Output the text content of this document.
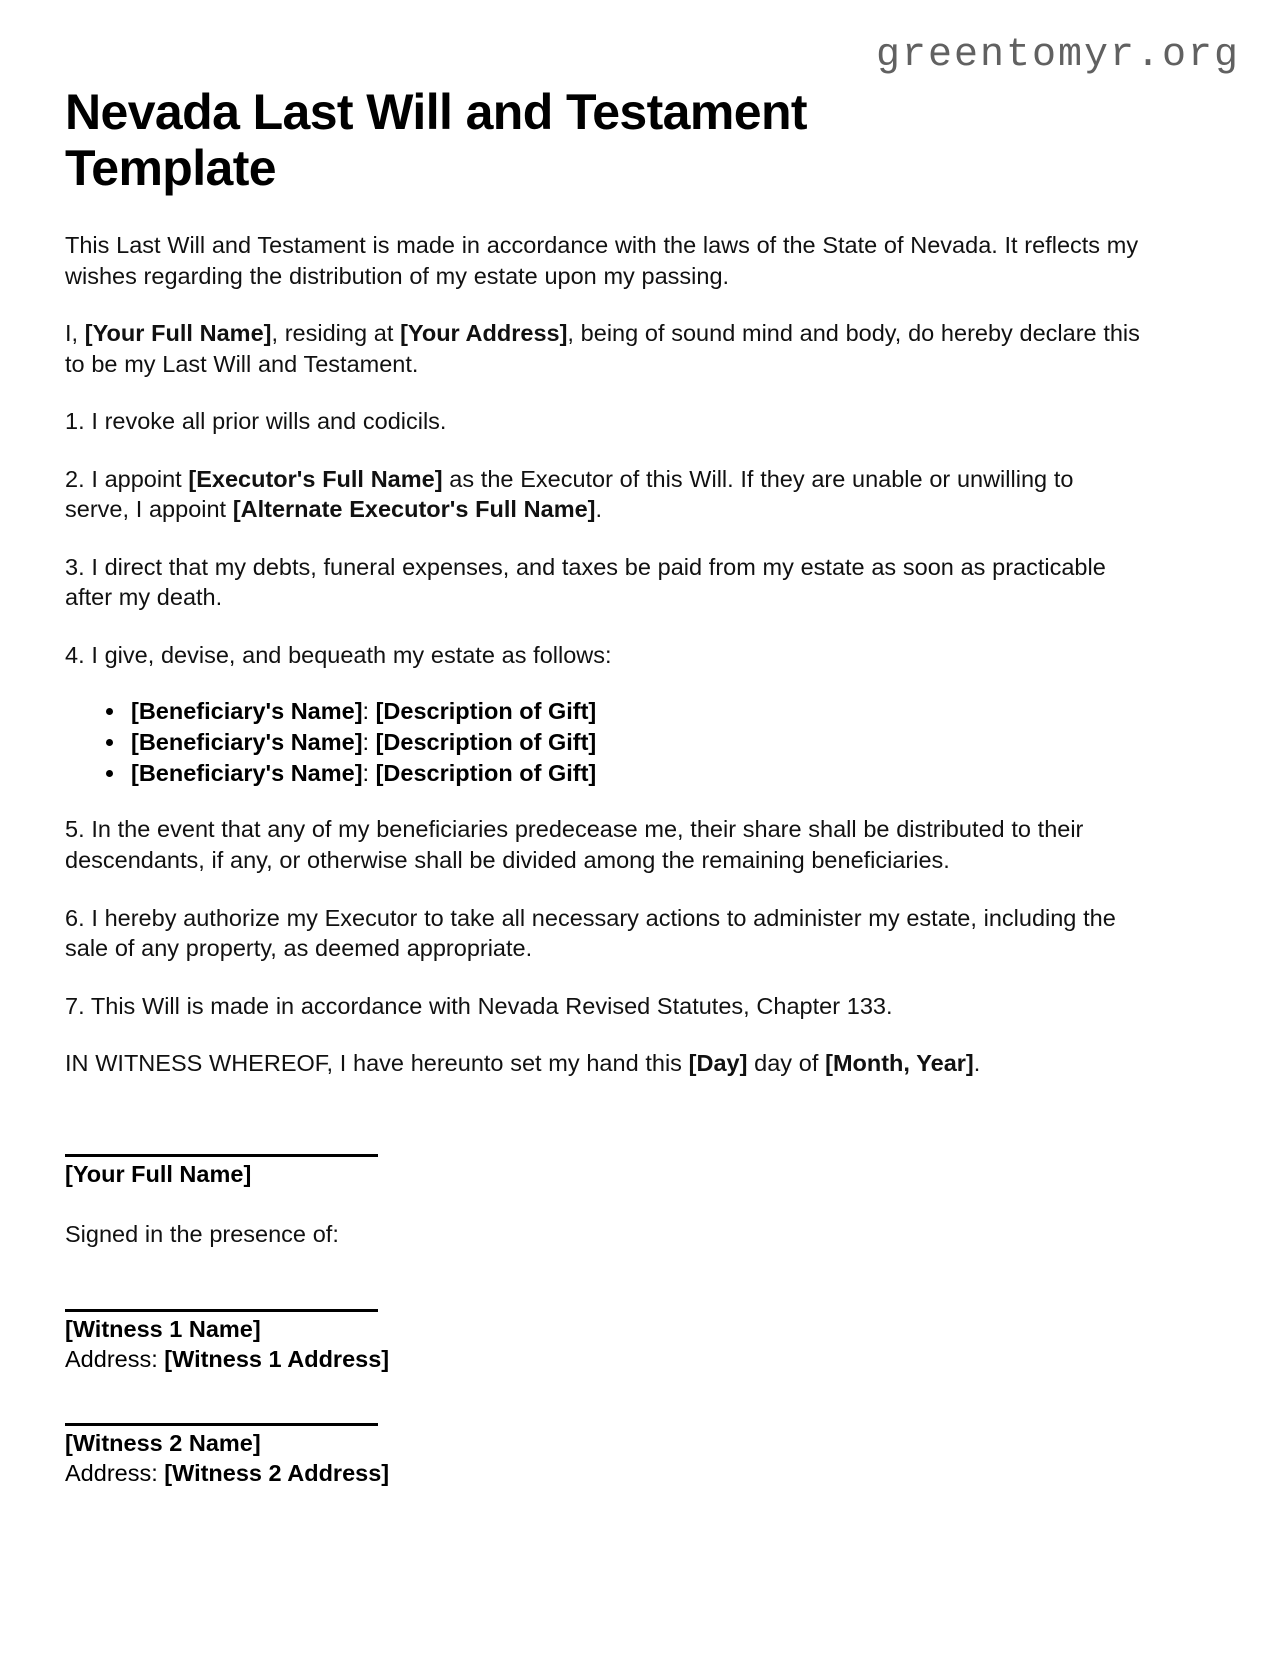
greentomyr.org
Nevada Last Will and Testament Template

This Last Will and Testament is made in accordance with the laws of the State of Nevada. It reflects my wishes regarding the distribution of my estate upon my passing.

I, [Your Full Name], residing at [Your Address], being of sound mind and body, do hereby declare this to be my Last Will and Testament.

1. I revoke all prior wills and codicils.

2. I appoint [Executor's Full Name] as the Executor of this Will. If they are unable or unwilling to serve, I appoint [Alternate Executor's Full Name].

3. I direct that my debts, funeral expenses, and taxes be paid from my estate as soon as practicable after my death.

4. I give, devise, and bequeath my estate as follows:

• [Beneficiary's Name]: [Description of Gift]
• [Beneficiary's Name]: [Description of Gift]
• [Beneficiary's Name]: [Description of Gift]

5. In the event that any of my beneficiaries predecease me, their share shall be distributed to their descendants, if any, or otherwise shall be divided among the remaining beneficiaries.

6. I hereby authorize my Executor to take all necessary actions to administer my estate, including the sale of any property, as deemed appropriate.

7. This Will is made in accordance with Nevada Revised Statutes, Chapter 133.

IN WITNESS WHEREOF, I have hereunto set my hand this [Day] day of [Month, Year].

[Your Full Name]

Signed in the presence of:

[Witness 1 Name]

Address: [Witness 1 Address]

[Witness 2 Name]

Address: [Witness 2 Address]
